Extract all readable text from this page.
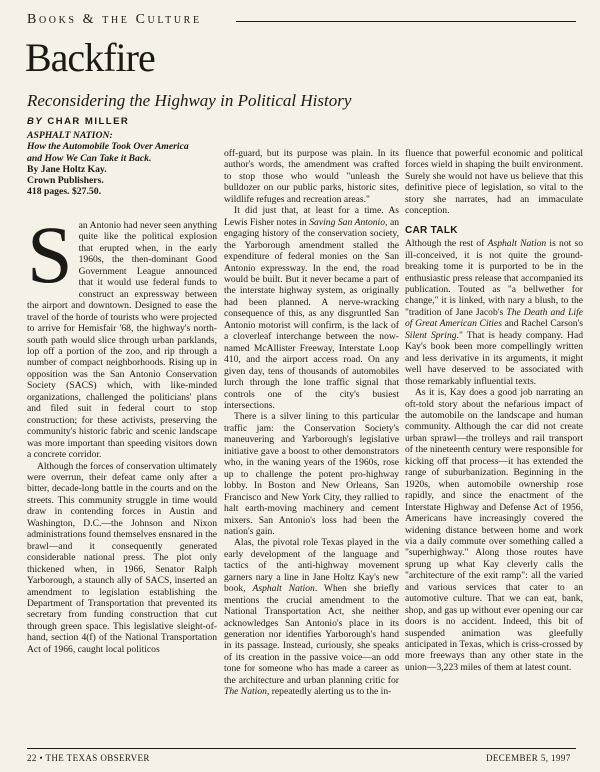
Books & the Culture
Backfire
Reconsidering the Highway in Political History
BY CHAR MILLER
ASPHALT NATION:
How the Automobile Took Over America
and How We Can Take it Back.
By Jane Holtz Kay.
Crown Publishers.
418 pages. $27.50.

San Antonio had never seen anything quite like the political explosion that erupted when, in the early 1960s, the then-dominant Good Government League announced that it would use federal funds to construct an expressway between the airport and downtown. Designed to ease the travel of the horde of tourists who were projected to arrive for Hemisfair '68, the highway's north-south path would slice through urban parklands, lop off a portion of the zoo, and rip through a number of compact neighborhoods. Rising up in opposition was the San Antonio Conservation Society (SACS) which, with like-minded organizations, challenged the politicians' plans and filed suit in federal court to stop construction; for these activists, preserving the community's historic fabric and scenic landscape was more important than speeding visitors down a concrete corridor.

Although the forces of conservation ultimately were overrun, their defeat came only after a bitter, decade-long battle in the courts and on the streets. This community struggle in time would draw in contending forces in Austin and Washington, D.C.—the Johnson and Nixon administrations found themselves ensnared in the brawl—and it consequently generated considerable national press. The plot only thickened when, in 1966, Senator Ralph Yarborough, a staunch ally of SACS, inserted an amendment to legislation establishing the Department of Transportation that prevented its secretary from funding construction that cut through green space. This legislative sleight-of-hand, section 4(f) of the National Transportation Act of 1966, caught local politicos

off-guard, but its purpose was plain. In its author's words, the amendment was crafted to stop those who would "unleash the bulldozer on our public parks, historic sites, wildlife refuges and recreation areas."

It did just that, at least for a time. As Lewis Fisher notes in Saving San Antonio, an engaging history of the conservation society, the Yarborough amendment stalled the expenditure of federal monies on the San Antonio expressway. In the end, the road would be built. But it never became a part of the interstate highway system, as originally had been planned. A nerve-wracking consequence of this, as any disgruntled San Antonio motorist will confirm, is the lack of a cloverleaf interchange between the now-named McAllister Freeway, Interstate Loop 410, and the airport access road. On any given day, tens of thousands of automobiles lurch through the lone traffic signal that controls one of the city's busiest intersections.

There is a silver lining to this particular traffic jam: the Conservation Society's maneuvering and Yarborough's legislative initiative gave a boost to other demonstrators who, in the waning years of the 1960s, rose up to challenge the potent pro-highway lobby. In Boston and New Orleans, San Francisco and New York City, they rallied to halt earth-moving machinery and cement mixers. San Antonio's loss had been the nation's gain.

Alas, the pivotal role Texas played in the early development of the language and tactics of the anti-highway movement garners nary a line in Jane Holtz Kay's new book, Asphalt Nation. When she briefly mentions the crucial amendment to the National Transportation Act, she neither acknowledges San Antonio's place in its generation nor identifies Yarborough's hand in its passage. Instead, curiously, she speaks of its creation in the passive voice—an odd tone for someone who has made a career as the architecture and urban planning critic for The Nation, repeatedly alerting us to the in-

fluence that powerful economic and political forces wield in shaping the built environment. Surely she would not have us believe that this definitive piece of legislation, so vital to the story she narrates, had an immaculate conception.

CAR TALK

Although the rest of Asphalt Nation is not so ill-conceived, it is not quite the ground-breaking tome it is purported to be in the enthusiastic press release that accompanied its publication. Touted as "a bellwether for change," it is linked, with nary a blush, to the "tradition of Jane Jacob's The Death and Life of Great American Cities and Rachel Carson's Silent Spring." That is heady company. Had Kay's book been more compellingly written and less derivative in its arguments, it might well have deserved to be associated with those remarkably influential texts.

As it is, Kay does a good job narrating an oft-told story about the nefarious impact of the automobile on the landscape and human community. Although the car did not create urban sprawl—the trolleys and rail transport of the nineteenth century were responsible for kicking off that process—it has extended the range of suburbanization. Beginning in the 1920s, when automobile ownership rose rapidly, and since the enactment of the Interstate Highway and Defense Act of 1956, Americans have increasingly covered the widening distance between home and work via a daily commute over something called a "superhighway." Along those routes have sprung up what Kay cleverly calls the "architecture of the exit ramp": all the varied and various services that cater to an automotive culture. That we can eat, bank, shop, and gas up without ever opening our car doors is no accident. Indeed, this bit of suspended animation was gleefully anticipated in Texas, which is criss-crossed by more freeways than any other state in the union—3,223 miles of them at latest count.

22 • THE TEXAS OBSERVER	DECEMBER 5, 1997
